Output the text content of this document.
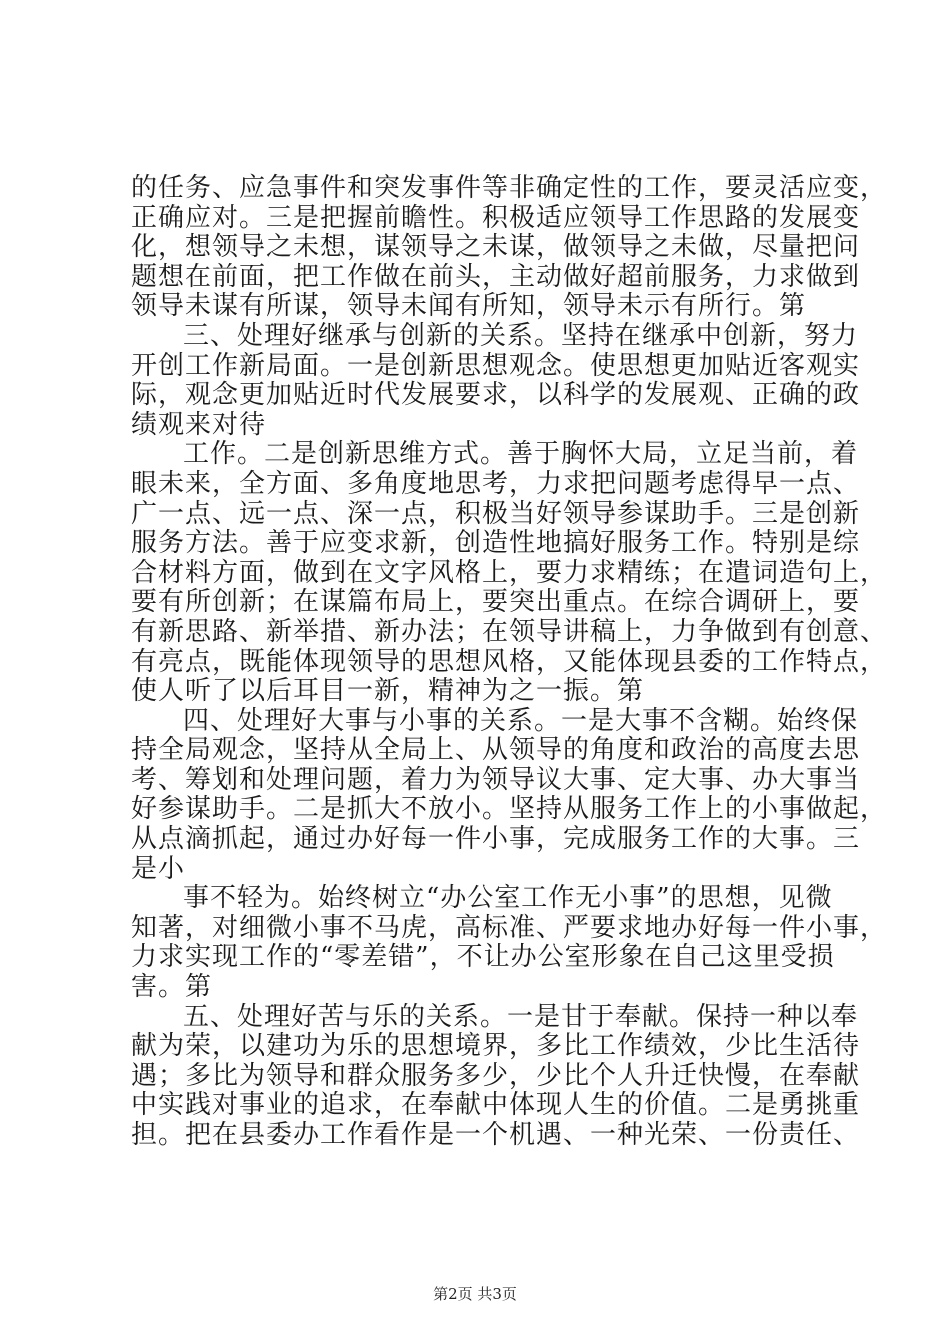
的任务、应急事件和突发事件等非确定性的工作，要灵活应变，
正确应对。三是把握前瞻性。积极适应领导工作思路的发展变
化，想领导之未想，谋领导之未谋，做领导之未做，尽量把问
题想在前面，把工作做在前头，主动做好超前服务，力求做到
领导未谋有所谋，领导未闻有所知，领导未示有所行。第
三、处理好继承与创新的关系。坚持在继承中创新，努力
开创工作新局面。一是创新思想观念。使思想更加贴近客观实
际，观念更加贴近时代发展要求，以科学的发展观、正确的政
绩观来对待
工作。二是创新思维方式。善于胸怀大局，立足当前，着
眼未来，全方面、多角度地思考，力求把问题考虑得早一点、
广一点、远一点、深一点，积极当好领导参谋助手。三是创新
服务方法。善于应变求新，创造性地搞好服务工作。特别是综
合材料方面，做到在文字风格上，要力求精练；在遣词造句上，
要有所创新；在谋篇布局上，要突出重点。在综合调研上，要
有新思路、新举措、新办法；在领导讲稿上，力争做到有创意、
有亮点，既能体现领导的思想风格，又能体现县委的工作特点，
使人听了以后耳目一新，精神为之一振。第
四、处理好大事与小事的关系。一是大事不含糊。始终保
持全局观念，坚持从全局上、从领导的角度和政治的高度去思
考、筹划和处理问题，着力为领导议大事、定大事、办大事当
好参谋助手。二是抓大不放小。坚持从服务工作上的小事做起，
从点滴抓起，通过办好每一件小事，完成服务工作的大事。三
是小
事不轻为。始终树立“办公室工作无小事”的思想，见微
知著，对细微小事不马虎，高标准、严要求地办好每一件小事，
力求实现工作的“零差错”，不让办公室形象在自己这里受损
害。第
五、处理好苦与乐的关系。一是甘于奉献。保持一种以奉
献为荣，以建功为乐的思想境界，多比工作绩效，少比生活待
遇；多比为领导和群众服务多少，少比个人升迁快慢，在奉献
中实践对事业的追求，在奉献中体现人生的价值。二是勇挑重
担。把在县委办工作看作是一个机遇、一种光荣、一份责任、
第2页 共3页
